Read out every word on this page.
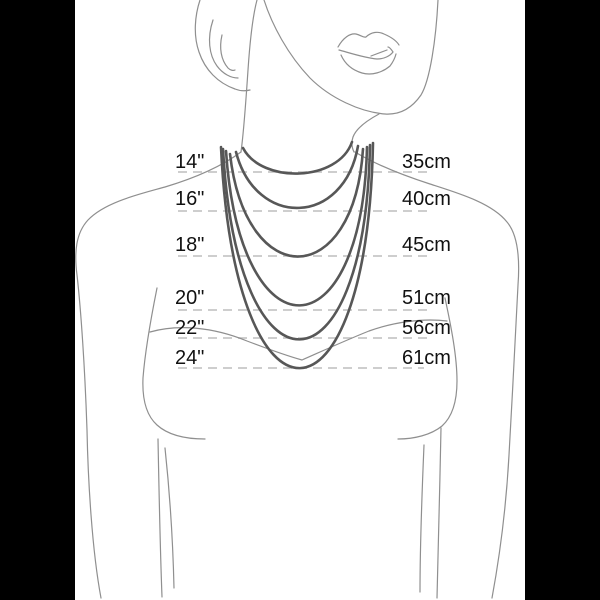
14"	35cm
16"	40cm
18"	45cm
20"	51cm
22"	56cm
24"	61cm
